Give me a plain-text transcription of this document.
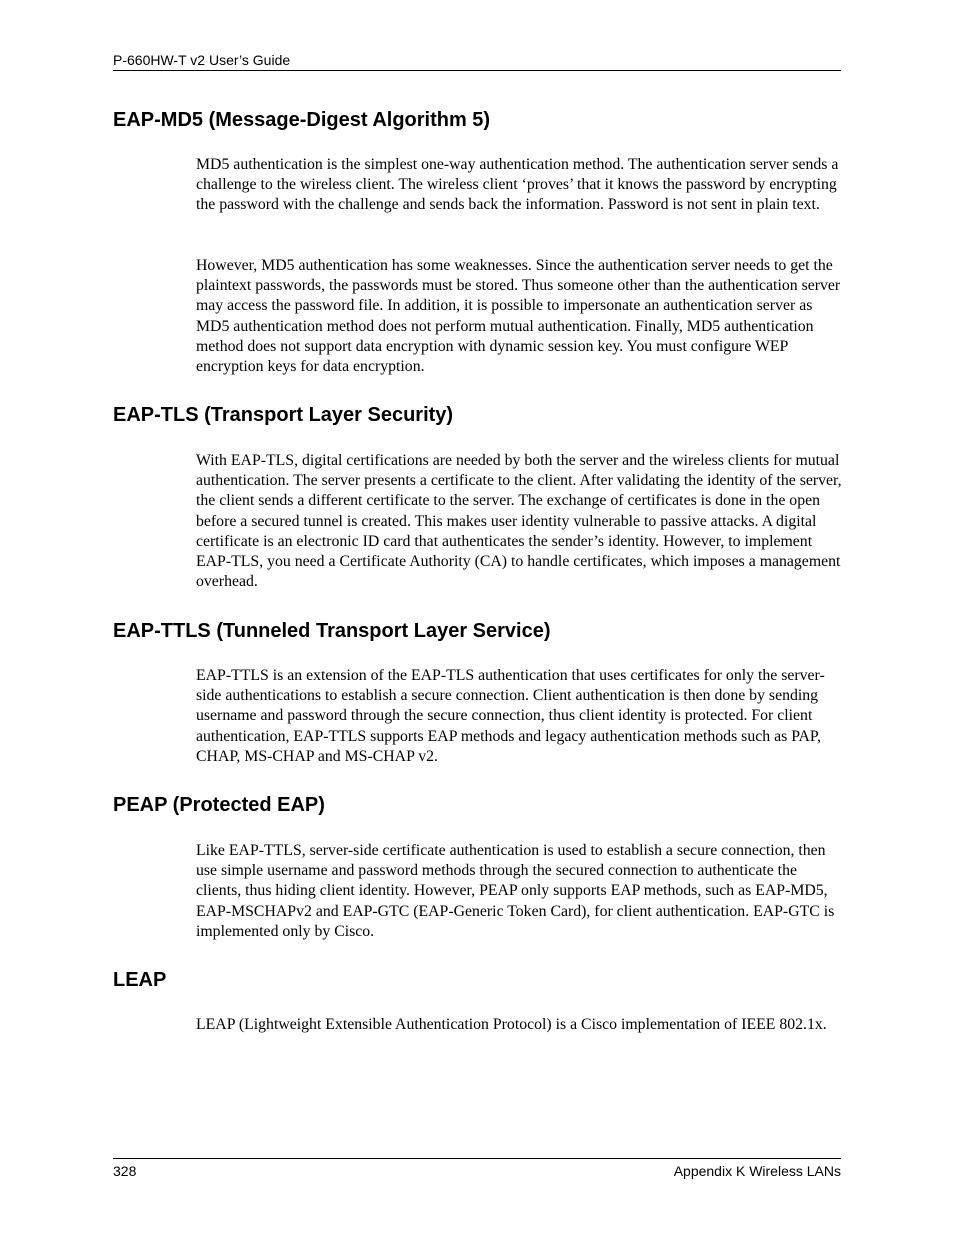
P-660HW-T v2 User’s Guide
EAP-MD5 (Message-Digest Algorithm 5)

MD5 authentication is the simplest one-way authentication method. The authentication server sends a challenge to the wireless client. The wireless client ‘proves’ that it knows the password by encrypting the password with the challenge and sends back the information. Password is not sent in plain text.

However, MD5 authentication has some weaknesses. Since the authentication server needs to get the plaintext passwords, the passwords must be stored. Thus someone other than the authentication server may access the password file. In addition, it is possible to impersonate an authentication server as MD5 authentication method does not perform mutual authentication. Finally, MD5 authentication method does not support data encryption with dynamic session key. You must configure WEP encryption keys for data encryption.

EAP-TLS (Transport Layer Security)

With EAP-TLS, digital certifications are needed by both the server and the wireless clients for mutual authentication. The server presents a certificate to the client. After validating the identity of the server, the client sends a different certificate to the server. The exchange of certificates is done in the open before a secured tunnel is created. This makes user identity vulnerable to passive attacks. A digital certificate is an electronic ID card that authenticates the sender’s identity. However, to implement EAP-TLS, you need a Certificate Authority (CA) to handle certificates, which imposes a management overhead.

EAP-TTLS (Tunneled Transport Layer Service)

EAP-TTLS is an extension of the EAP-TLS authentication that uses certificates for only the server-side authentications to establish a secure connection. Client authentication is then done by sending username and password through the secure connection, thus client identity is protected. For client authentication, EAP-TTLS supports EAP methods and legacy authentication methods such as PAP, CHAP, MS-CHAP and MS-CHAP v2.

PEAP (Protected EAP)

Like EAP-TTLS, server-side certificate authentication is used to establish a secure connection, then use simple username and password methods through the secured connection to authenticate the clients, thus hiding client identity. However, PEAP only supports EAP methods, such as EAP-MD5, EAP-MSCHAPv2 and EAP-GTC (EAP-Generic Token Card), for client authentication. EAP-GTC is implemented only by Cisco.

LEAP

LEAP (Lightweight Extensible Authentication Protocol) is a Cisco implementation of IEEE 802.1x.

328	Appendix K Wireless LANs
